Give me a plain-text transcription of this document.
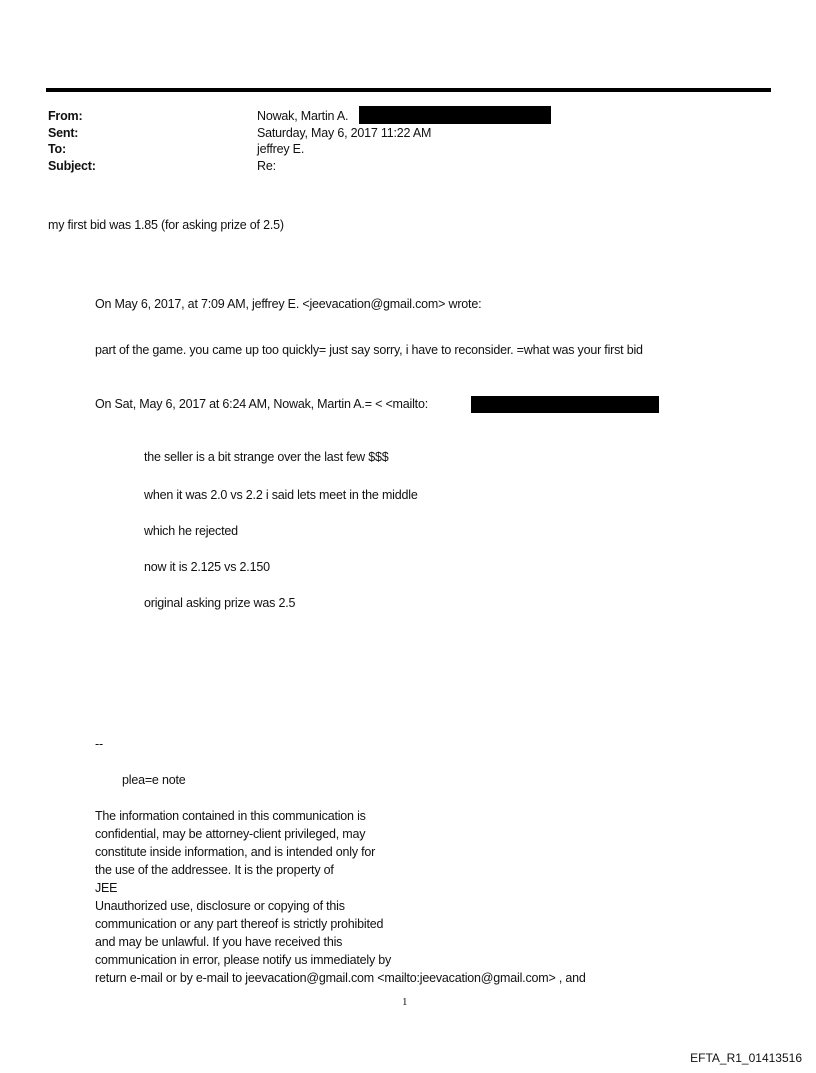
From:	Nowak, Martin A.
Sent:	Saturday, May 6, 2017 11:22 AM
To:	jeffrey E.
Subject:	Re:
my first bid was 1.85 (for asking prize of 2.5)
On May 6, 2017, at 7:09 AM, jeffrey E. <jeevacation@gmail.com> wrote:
part of the game. you came up too quickly= just say sorry, i have to reconsider. =what was your first bid
On Sat, May 6, 2017 at 6:24 AM, Nowak, Martin A.= < <mailto:
the seller is a bit strange over the last few $$$
when it was 2.0 vs 2.2 i said lets meet in the middle
which he rejected
now it is 2.125 vs 2.150
original asking prize was 2.5
--
plea=e note
The information contained in this communication is
confidential, may be attorney-client privileged, may
constitute inside information, and is intended only for
the use of the addressee. It is the property of
JEE
Unauthorized use, disclosure or copying of this
communication or any part thereof is strictly prohibited
and may be unlawful. If you have received this
communication in error, please notify us immediately by
return e-mail or by e-mail to jeevacation@gmail.com <mailto:jeevacation@gmail.com> , and
1
EFTA_R1_01413516
